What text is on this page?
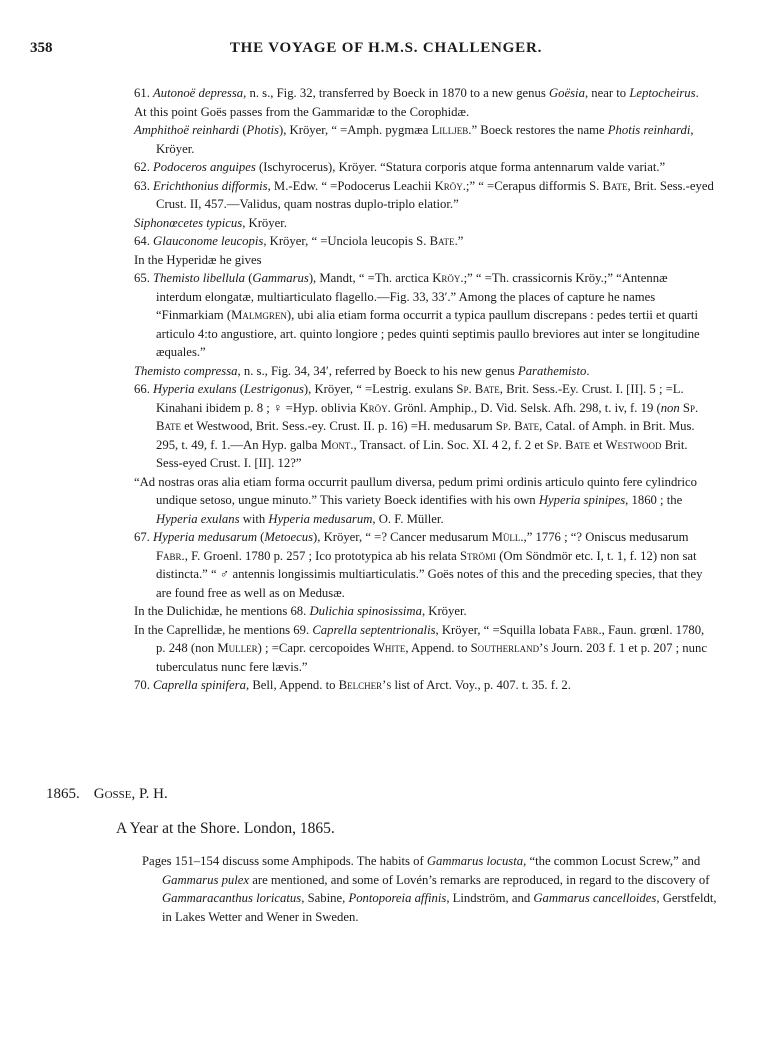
358	THE VOYAGE OF H.M.S. CHALLENGER.

61. Autonoë depressa, n. s., Fig. 32, transferred by Boeck in 1870 to a new genus Goësia, near to Leptocheirus.

At this point Goës passes from the Gammaridæ to the Corophidæ.

Amphithoë reinhardi (Photis), Kröyer, “ =Amph. pygmæa Lilljeb.” Boeck restores the name Photis reinhardi, Kröyer.

62. Podoceros anguipes (Ischyrocerus), Kröyer. “Statura corporis atque forma antennarum valde variat.”

63. Erichthonius difformis, M.-Edw. “ =Podocerus Leachii Kröy.;” “ =Cerapus difformis S. Bate, Brit. Sess.-eyed Crust. II, 457.—Validus, quam nostras duplo-triplo elatior.”

Siphonœcetes typicus, Kröyer.

64. Glauconome leucopis, Kröyer, “ =Unciola leucopis S. Bate.”

In the Hyperidæ he gives

65. Themisto libellula (Gammarus), Mandt, “ =Th. arctica Kröy.;” “ =Th. crassicornis Kröy.;” “Antennæ interdum elongatæ, multiarticulato flagello.—Fig. 33, 33′.” Among the places of capture he names “Finmarkiam (Malmgren), ubi alia etiam forma occurrit a typica paullum discrepans : pedes tertii et quarti articulo 4:to angustiore, art. quinto longiore ; pedes quinti septimis paullo breviores aut inter se longitudine æquales.”

Themisto compressa, n. s., Fig. 34, 34′, referred by Boeck to his new genus Parathemisto.

66. Hyperia exulans (Lestrigonus), Kröyer, “ =Lestrig. exulans Sp. Bate, Brit. Sess.-Ey. Crust. I. [II]. 5 ; =L. Kinahani ibidem p. 8 ; ♀ =Hyp. oblivia Kröy. Grönl. Amphip., D. Vid. Selsk. Afh. 298, t. iv, f. 19 (non Sp. Bate et Westwood, Brit. Sess.-ey. Crust. II. p. 16) =H. medusarum Sp. Bate, Catal. of Amph. in Brit. Mus. 295, t. 49, f. 1.—An Hyp. galba Mont., Transact. of Lin. Soc. XI. 4 2, f. 2 et Sp. Bate et Westwood Brit. Sess-eyed Crust. I. [II]. 12?”

“Ad nostras oras alia etiam forma occurrit paullum diversa, pedum primi ordinis articulo quinto fere cylindrico undique setoso, ungue minuto.” This variety Boeck identifies with his own Hyperia spinipes, 1860 ; the Hyperia exulans with Hyperia medusarum, O. F. Müller.

67. Hyperia medusarum (Metoecus), Kröyer, “ =? Cancer medusarum Müll.,” 1776 ; “? Oniscus medusarum Fabr., F. Groenl. 1780 p. 257 ; Ico prototypica ab his relata Strömi (Om Söndmör etc. I, t. 1, f. 12) non sat distincta.” “ ♂ antennis longissimis multiarticulatis.” Goës notes of this and the preceding species, that they are found free as well as on Medusæ.

In the Dulichidæ, he mentions 68. Dulichia spinosissima, Kröyer.

In the Caprellidæ, he mentions 69. Caprella septentrionalis, Kröyer, “ =Squilla lobata Fabr., Faun. grœnl. 1780, p. 248 (non Muller) ; =Capr. cercopoides White, Append. to Southerland’s Journ. 203 f. 1 et p. 207 ; nunc tuberculatus nunc fere lævis.”

70. Caprella spinifera, Bell, Append. to Belcher’s list of Arct. Voy., p. 407. t. 35. f. 2.

1865. Gosse, P. H.
A Year at the Shore. London, 1865.

Pages 151–154 discuss some Amphipods. The habits of Gammarus locusta, “the common Locust Screw,” and Gammarus pulex are mentioned, and some of Lovén’s remarks are reproduced, in regard to the discovery of Gammaracanthus loricatus, Sabine, Pontoporeia affinis, Lindström, and Gammarus cancelloides, Gerstfeldt, in Lakes Wetter and Wener in Sweden.
